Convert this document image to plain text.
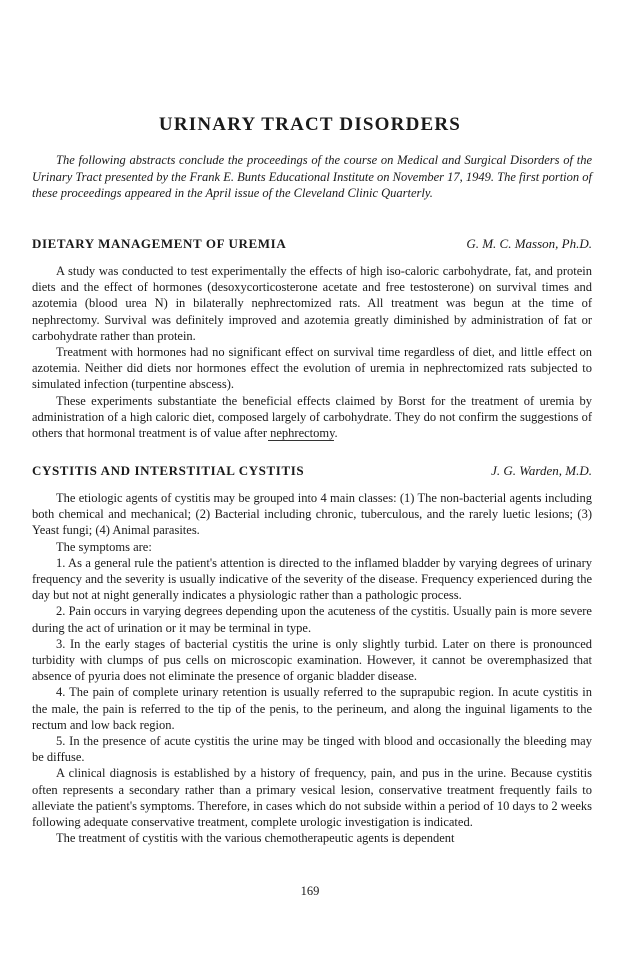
URINARY TRACT DISORDERS
The following abstracts conclude the proceedings of the course on Medical and Surgical Disorders of the Urinary Tract presented by the Frank E. Bunts Educational Institute on November 17, 1949. The first portion of these proceedings appeared in the April issue of the Cleveland Clinic Quarterly.
DIETARY MANAGEMENT OF UREMIA	G. M. C. Masson, Ph.D.

A study was conducted to test experimentally the effects of high iso-caloric carbohydrate, fat, and protein diets and the effect of hormones (desoxycorticosterone acetate and free testosterone) on survival times and azotemia (blood urea N) in bilaterally nephrectomized rats. All treatment was begun at the time of nephrectomy. Survival was definitely improved and azotemia greatly diminished by administration of fat or carbohydrate rather than protein.

Treatment with hormones had no significant effect on survival time regardless of diet, and little effect on azotemia. Neither did diets nor hormones effect the evolution of uremia in nephrectomized rats subjected to simulated infection (turpentine abscess).

These experiments substantiate the beneficial effects claimed by Borst for the treatment of uremia by administration of a high caloric diet, composed largely of carbohydrate. They do not confirm the suggestions of others that hormonal treatment is of value after nephrectomy.

CYSTITIS AND INTERSTITIAL CYSTITIS	J. G. Warden, M.D.

The etiologic agents of cystitis may be grouped into 4 main classes: (1) The non-bacterial agents including both chemical and mechanical; (2) Bacterial including chronic, tuberculous, and the rarely luetic lesions; (3) Yeast fungi; (4) Animal parasites.

The symptoms are:

1. As a general rule the patient's attention is directed to the inflamed bladder by varying degrees of urinary frequency and the severity is usually indicative of the severity of the disease. Frequency experienced during the day but not at night generally indicates a physiologic rather than a pathologic process.

2. Pain occurs in varying degrees depending upon the acuteness of the cystitis. Usually pain is more severe during the act of urination or it may be terminal in type.

3. In the early stages of bacterial cystitis the urine is only slightly turbid. Later on there is pronounced turbidity with clumps of pus cells on microscopic examination. However, it cannot be overemphasized that absence of pyuria does not eliminate the presence of organic bladder disease.

4. The pain of complete urinary retention is usually referred to the suprapubic region. In acute cystitis in the male, the pain is referred to the tip of the penis, to the perineum, and along the inguinal ligaments to the rectum and low back region.

5. In the presence of acute cystitis the urine may be tinged with blood and occasionally the bleeding may be diffuse.

A clinical diagnosis is established by a history of frequency, pain, and pus in the urine. Because cystitis often represents a secondary rather than a primary vesical lesion, conservative treatment frequently fails to alleviate the patient's symptoms. Therefore, in cases which do not subside within a period of 10 days to 2 weeks following adequate conservative treatment, complete urologic investigation is indicated.

The treatment of cystitis with the various chemotherapeutic agents is dependent

169
